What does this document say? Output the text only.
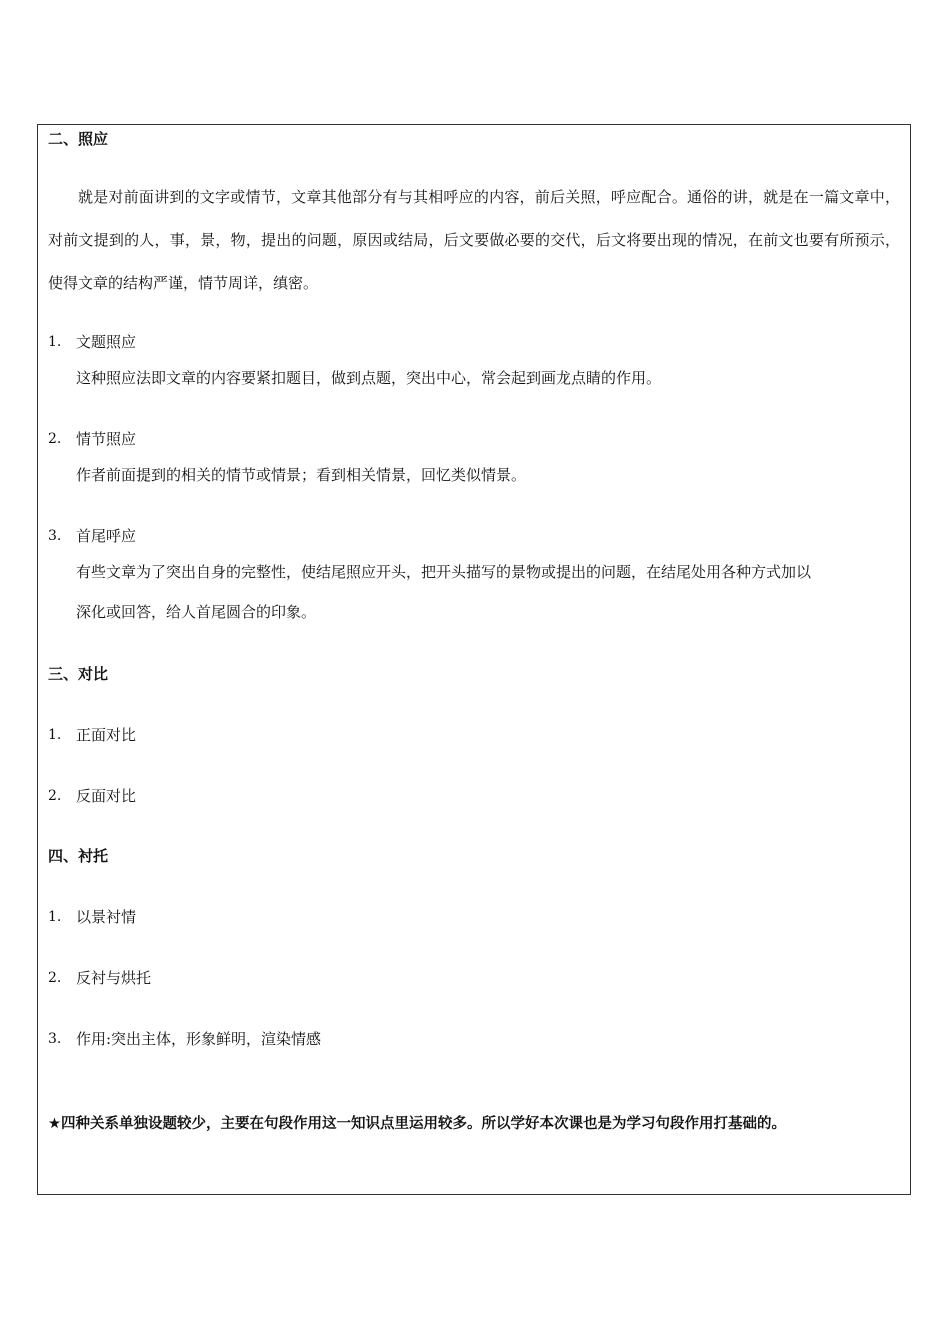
二、照应
就是对前面讲到的文字或情节，文章其他部分有与其相呼应的内容，前后关照，呼应配合。通俗的讲，就是在一篇文章中，对前文提到的人，事，景，物，提出的问题，原因或结局，后文要做必要的交代，后文将要出现的情况，在前文也要有所预示，使得文章的结构严谨，情节周详，缜密。
1. 文题照应
这种照应法即文章的内容要紧扣题目，做到点题，突出中心，常会起到画龙点睛的作用。
2. 情节照应
作者前面提到的相关的情节或情景；看到相关情景，回忆类似情景。
3. 首尾呼应
有些文章为了突出自身的完整性，使结尾照应开头，把开头描写的景物或提出的问题，在结尾处用各种方式加以
深化或回答，给人首尾圆合的印象。
三、对比
1. 正面对比
2. 反面对比
四、衬托
1. 以景衬情
2. 反衬与烘托
3. 作用:突出主体，形象鲜明，渲染情感
★四种关系单独设题较少，主要在句段作用这一知识点里运用较多。所以学好本次课也是为学习句段作用打基础的。
